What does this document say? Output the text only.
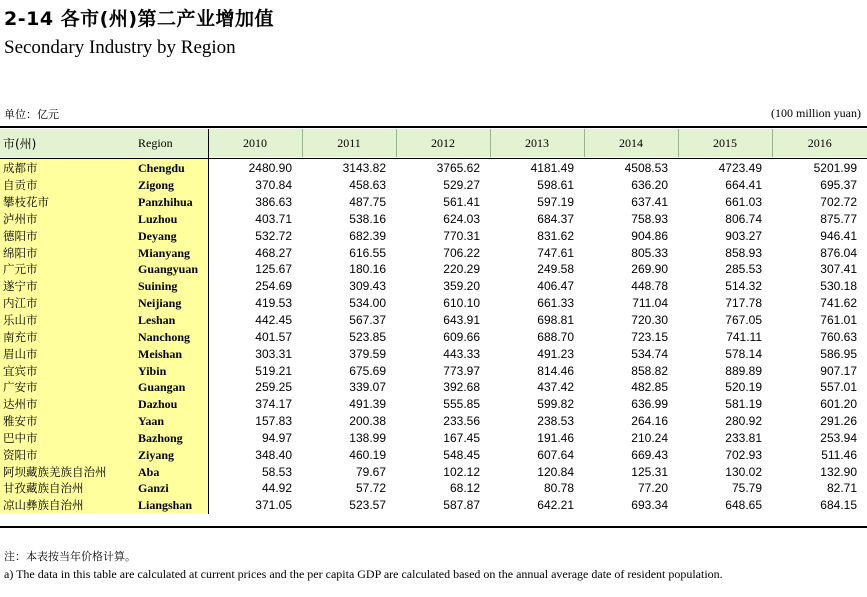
2-14 各市(州)第二产业增加值
Secondary Industry by Region
单位：亿元	(100 million yuan)
市(州)	Region	2010	2011	2012	2013	2014	2015	2016
成都市	Chengdu	2480.90	3143.82	3765.62	4181.49	4508.53	4723.49	5201.99
自贡市	Zigong	370.84	458.63	529.27	598.61	636.20	664.41	695.37
攀枝花市	Panzhihua	386.63	487.75	561.41	597.19	637.41	661.03	702.72
泸州市	Luzhou	403.71	538.16	624.03	684.37	758.93	806.74	875.77
德阳市	Deyang	532.72	682.39	770.31	831.62	904.86	903.27	946.41
绵阳市	Mianyang	468.27	616.55	706.22	747.61	805.33	858.93	876.04
广元市	Guangyuan	125.67	180.16	220.29	249.58	269.90	285.53	307.41
遂宁市	Suining	254.69	309.43	359.20	406.47	448.78	514.32	530.18
内江市	Neijiang	419.53	534.00	610.10	661.33	711.04	717.78	741.62
乐山市	Leshan	442.45	567.37	643.91	698.81	720.30	767.05	761.01
南充市	Nanchong	401.57	523.85	609.66	688.70	723.15	741.11	760.63
眉山市	Meishan	303.31	379.59	443.33	491.23	534.74	578.14	586.95
宜宾市	Yibin	519.21	675.69	773.97	814.46	858.82	889.89	907.17
广安市	Guangan	259.25	339.07	392.68	437.42	482.85	520.19	557.01
达州市	Dazhou	374.17	491.39	555.85	599.82	636.99	581.19	601.20
雅安市	Yaan	157.83	200.38	233.56	238.53	264.16	280.92	291.26
巴中市	Bazhong	94.97	138.99	167.45	191.46	210.24	233.81	253.94
资阳市	Ziyang	348.40	460.19	548.45	607.64	669.43	702.93	511.46
阿坝藏族羌族自治州	Aba	58.53	79.67	102.12	120.84	125.31	130.02	132.90
甘孜藏族自治州	Ganzi	44.92	57.72	68.12	80.78	77.20	75.79	82.71
凉山彝族自治州	Liangshan	371.05	523.57	587.87	642.21	693.34	648.65	684.15
注：本表按当年价格计算。
a) The data in this table are calculated at current prices and the per capita GDP are calculated based on the annual average date of resident population.
